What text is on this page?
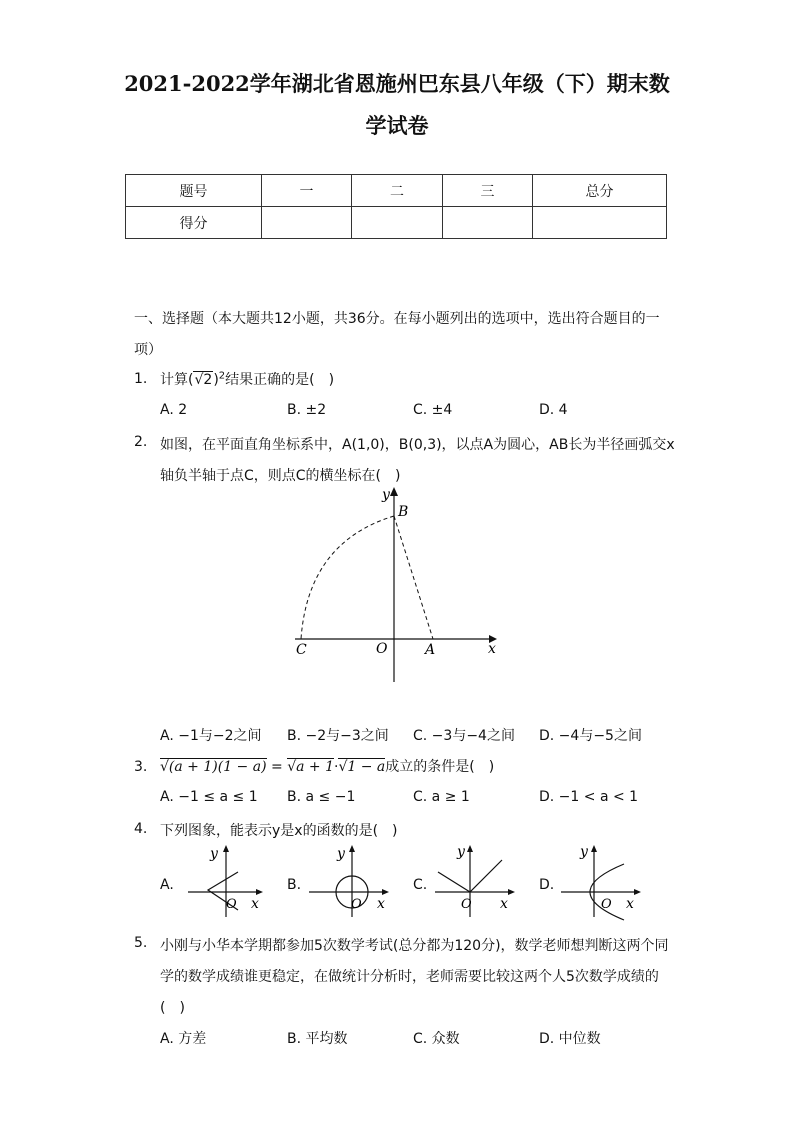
2021-2022学年湖北省恩施州巴东县八年级（下）期末数
学试卷
题号	一	二	三	总分
得分				
一、选择题（本大题共12小题，共36分。在每小题列出的选项中，选出符合题目的一
项）
1. 计算$(√2)^2$结果正确的是(　)
A. 2	B. ±2	C. ±4	D. 4
2. 如图，在平面直角坐标系中，A(1,0)，B(0,3)，以点A为圆心，AB长为半径画弧交x
轴负半轴于点C，则点C的横坐标在(　)
y
B
C	O	A	x
A. −1与−2之间 B. −2与−3之间 C. −3与−4之间 D. −4与−5之间
3. √(a + 1)(1 − a) = √a + 1·√1 − a成立的条件是(　)
A. −1 ≤ a ≤ 1 B. a ≤ −1	C. a ≥ 1	D. −1 < a < 1
4. 下列图象，能表示y是x的函数的是(　)
A.
y
x
O
B.
y
x
O
C.
y
x
O
D.
y
x
O
5. 小刚与小华本学期都参加5次数学考试(总分都为120分)，数学老师想判断这两个同
学的数学成绩谁更稳定，在做统计分析时，老师需要比较这两个人5次数学成绩的
(　)
A. 方差	B. 平均数	C. 众数	D. 中位数
